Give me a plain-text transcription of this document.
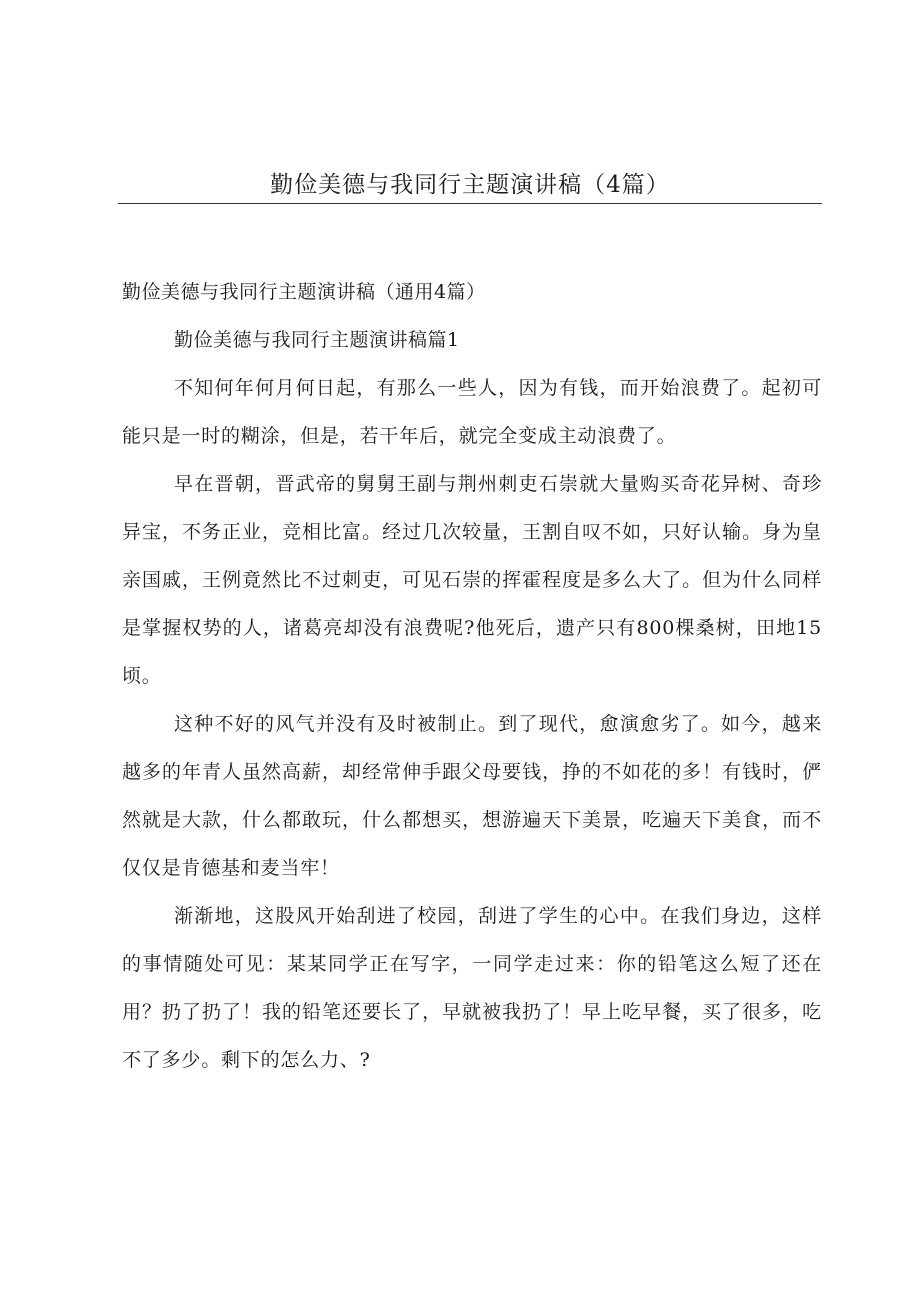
勤俭美德与我同行主题演讲稿（4篇）

勤俭美德与我同行主题演讲稿（通用4篇）

勤俭美德与我同行主题演讲稿篇1

不知何年何月何日起，有那么一些人，因为有钱，而开始浪费了。起初可能只是一时的糊涂，但是，若干年后，就完全变成主动浪费了。

早在晋朝，晋武帝的舅舅王副与荆州刺吏石崇就大量购买奇花异树、奇珍异宝，不务正业，竞相比富。经过几次较量，王割自叹不如，只好认输。身为皇亲国戚，王例竟然比不过刺吏，可见石崇的挥霍程度是多么大了。但为什么同样是掌握权势的人，诸葛亮却没有浪费呢?他死后，遗产只有800棵桑树，田地15顷。

这种不好的风气并没有及时被制止。到了现代，愈演愈劣了。如今，越来越多的年青人虽然高薪，却经常伸手跟父母要钱，挣的不如花的多！有钱时，俨然就是大款，什么都敢玩，什么都想买，想游遍天下美景，吃遍天下美食，而不仅仅是肯德基和麦当牢！

渐渐地，这股风开始刮进了校园，刮进了学生的心中。在我们身边，这样的事情随处可见：某某同学正在写字，一同学走过来：你的铅笔这么短了还在用？扔了扔了！我的铅笔还要长了，早就被我扔了！早上吃早餐，买了很多，吃不了多少。剩下的怎么力、?
